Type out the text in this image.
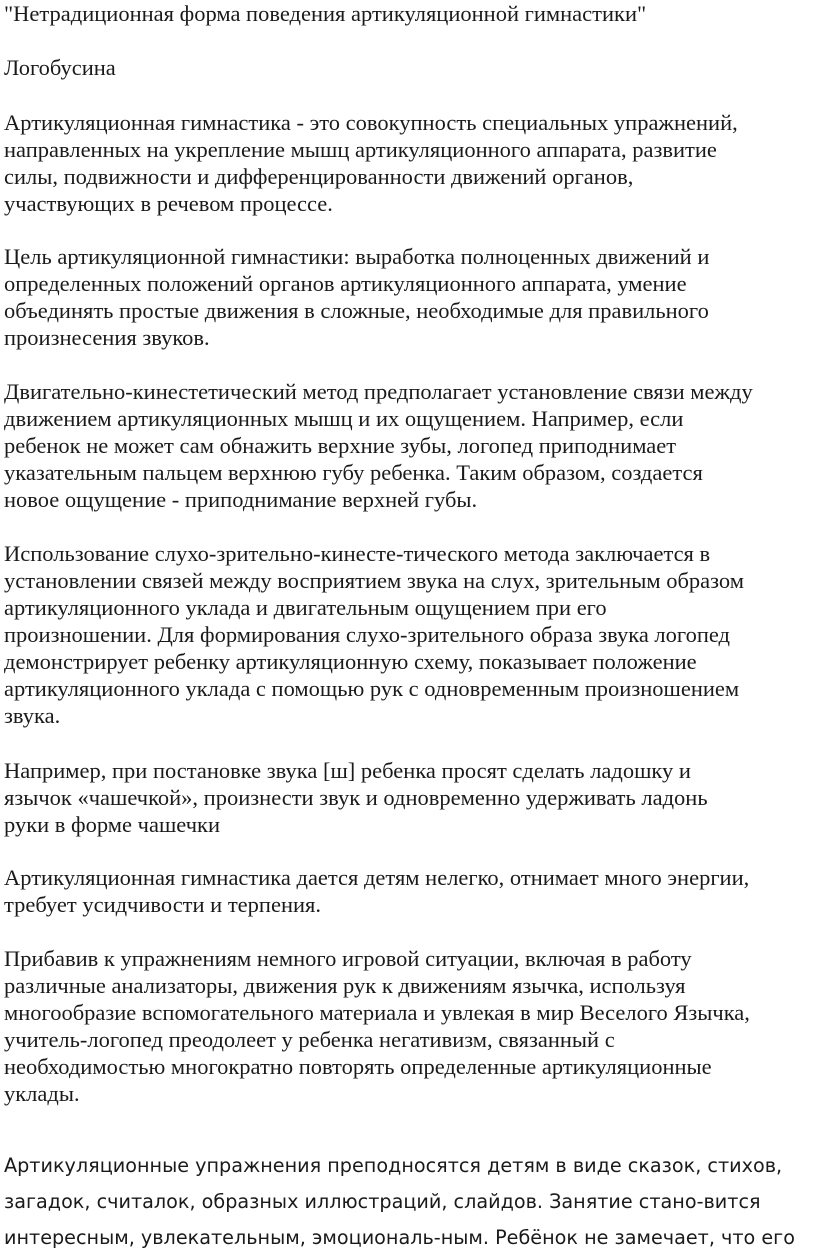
"Нетрадиционная форма поведения артикуляционной гимнастики"

Логобусина

Артикуляционная гимнастика - это совокупность специальных упражнений,
направленных на укрепление мышц артикуляционного аппарата, развитие
силы, подвижности и дифференцированности движений органов,
участвующих в речевом процессе.

Цель артикуляционной гимнастики: выработка полноценных движений и
определенных положений органов артикуляционного аппарата, умение
объединять простые движения в сложные, необходимые для правильного
произнесения звуков.

Двигательно-кинестетический метод предполагает установление связи между
движением артикуляционных мышц и их ощущением. Например, если
ребенок не может сам обнажить верхние зубы, логопед приподнимает
указательным пальцем верхнюю губу ребенка. Таким образом, создается
новое ощущение - приподнимание верхней губы.

Использование слухо-зрительно-кинесте-тического метода заключается в
установлении связей между восприятием звука на слух, зрительным образом
артикуляционного уклада и двигательным ощущением при его
произношении. Для формирования слухо-зрительного образа звука логопед
демонстрирует ребенку артикуляционную схему, показывает положение
артикуляционного уклада с помощью рук с одновременным произношением
звука.

Например, при постановке звука [ш] ребенка просят сделать ладошку и
язычок «чашечкой», произнести звук и одновременно удерживать ладонь
руки в форме чашечки

Артикуляционная гимнастика дается детям нелегко, отнимает много энергии,
требует усидчивости и терпения.

Прибавив к упражнениям немного игровой ситуации, включая в работу
различные анализаторы, движения рук к движениям язычка, используя
многообразие вспомогательного материала и увлекая в мир Веселого Язычка,
учитель-логопед преодолеет у ребенка негативизм, связанный с
необходимостью многократно повторять определенные артикуляционные
уклады.

Артикуляционные упражнения преподносятся детям в виде сказок, стихов,
загадок, считалок, образных иллюстраций, слайдов. Занятие стано-вится
интересным, увлекательным, эмоциональ-ным. Ребёнок не замечает, что его
